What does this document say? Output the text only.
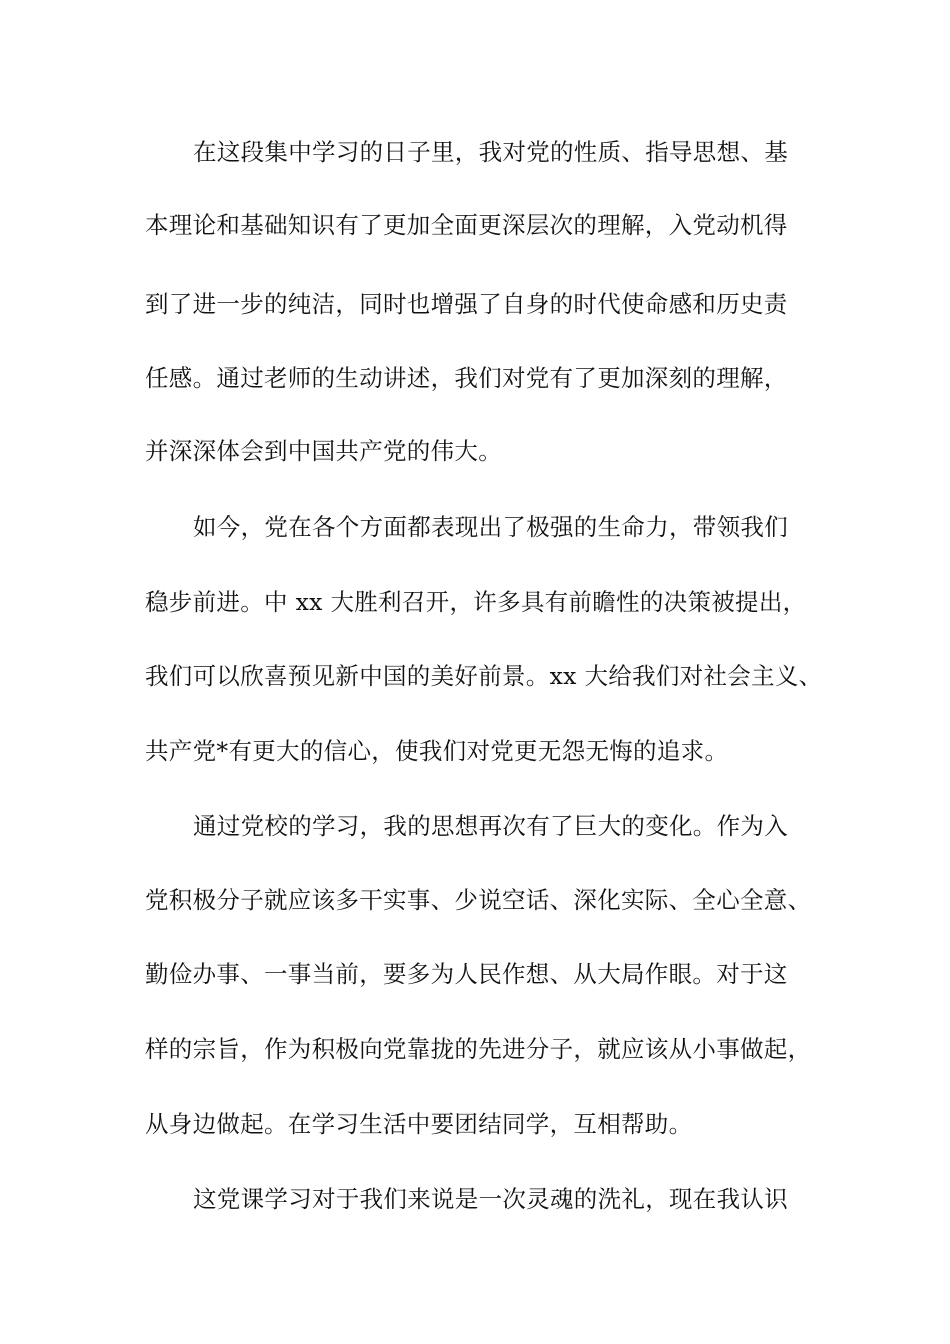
在这段集中学习的日子里，我对党的性质、指导思想、基
本理论和基础知识有了更加全面更深层次的理解，入党动机得
到了进一步的纯洁，同时也增强了自身的时代使命感和历史责
任感。通过老师的生动讲述，我们对党有了更加深刻的理解，
并深深体会到中国共产党的伟大。
如今，党在各个方面都表现出了极强的生命力，带领我们
稳步前进。中 xx 大胜利召开，许多具有前瞻性的决策被提出，
我们可以欣喜预见新中国的美好前景。xx 大给我们对社会主义、
共产党*有更大的信心，使我们对党更无怨无悔的追求。
通过党校的学习，我的思想再次有了巨大的变化。作为入
党积极分子就应该多干实事、少说空话、深化实际、全心全意、
勤俭办事、一事当前，要多为人民作想、从大局作眼。对于这
样的宗旨，作为积极向党靠拢的先进分子，就应该从小事做起，
从身边做起。在学习生活中要团结同学，互相帮助。
这党课学习对于我们来说是一次灵魂的洗礼，现在我认识
